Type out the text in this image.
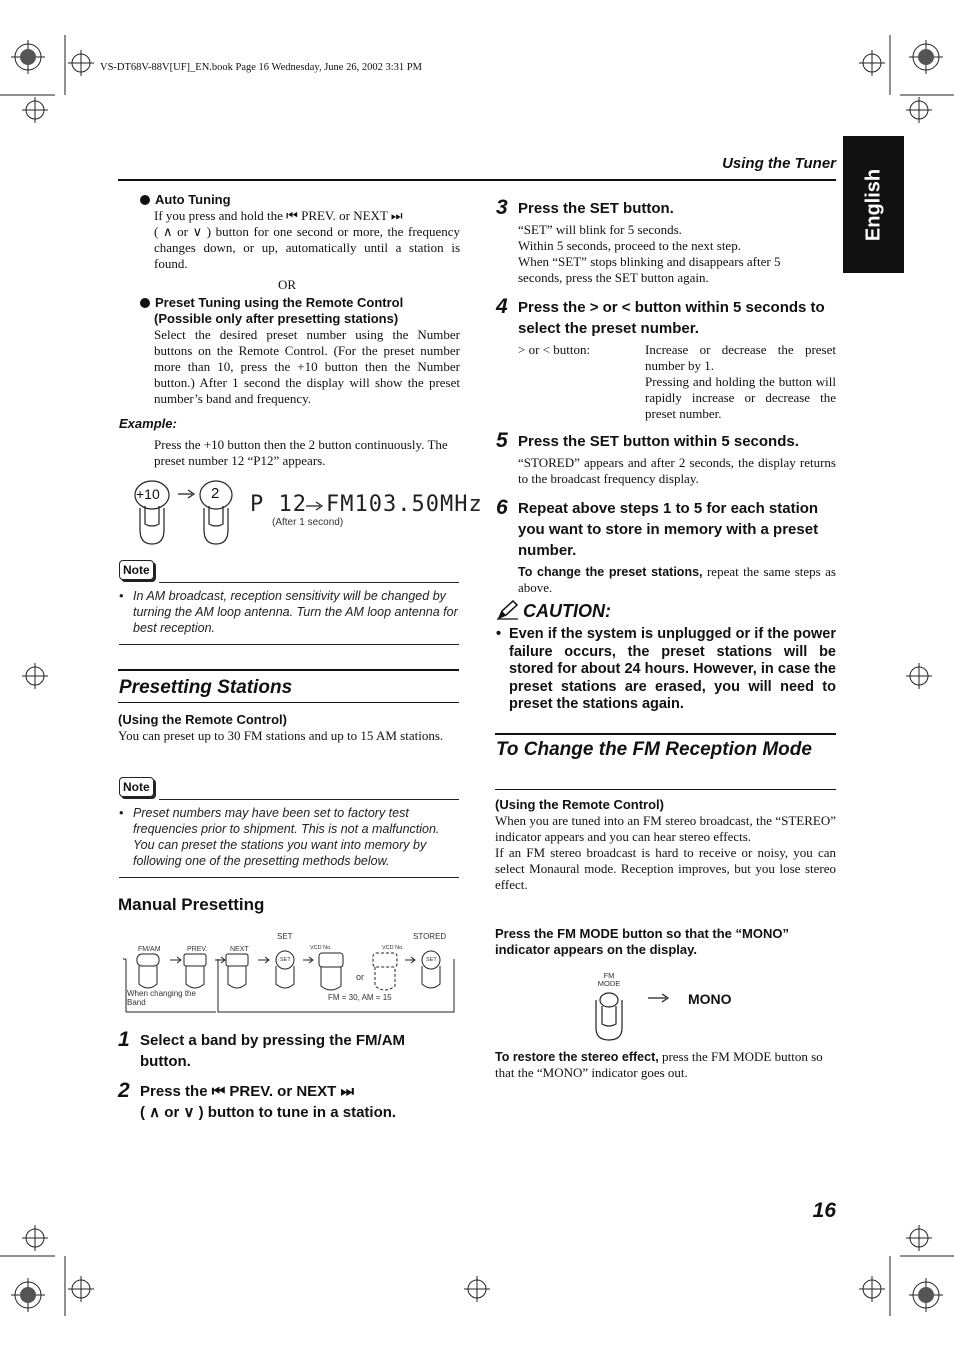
VS-DT68V-88V[UF]_EN.book Page 16 Wednesday, June 26, 2002 3:31 PM
English
Using the Tuner
Auto Tuning
If you press and hold the ⏮ PREV. or NEXT ⏭
( ∧ or ∨ ) button for one second or more, the frequency changes down, or up, automatically until a station is found.
OR
Preset Tuning using the Remote Control
(Possible only after presetting stations)
Select the desired preset number using the Number buttons on the Remote Control. (For the preset number more than 10, press the +10 button then the Number button.) After 1 second the display will show the preset number’s band and frequency.
Example:
Press the +10 button then the 2 button continuously. The preset number 12 “P12” appears.
+10	2 P 12 FM103.50MHz
(After 1 second)
Note
• In AM broadcast, reception sensitivity will be changed by turning the AM loop antenna. Turn the AM loop antenna for best reception.
Presetting Stations
(Using the Remote Control)
You can preset up to 30 FM stations and up to 15 AM stations.
Note
• Preset numbers may have been set to factory test frequencies prior to shipment. This is not a malfunction. You can preset the stations you want into memory by following one of the presetting methods below.
Manual Presetting
FM/AM	PREV.	NEXT
SET
SET
VCD No.	VCD No.
STORED
SET
or
When changing the Band
FM = 30, AM = 15
1 Select a band by pressing the FM/AM button.
2 Press the ⏮ PREV. or NEXT ⏭
( ∧ or ∨ ) button to tune in a station.
3 Press the SET button.
“SET” will blink for 5 seconds.
Within 5 seconds, proceed to the next step.
When “SET” stops blinking and disappears after 5 seconds, press the SET button again.
4 Press the > or < button within 5 seconds to select the preset number.
> or < button:	Increase or decrease the preset number by 1.
Pressing and holding the button will rapidly increase or decrease the preset number.
5 Press the SET button within 5 seconds.
“STORED” appears and after 2 seconds, the display returns to the broadcast frequency display.
6 Repeat above steps 1 to 5 for each station you want to store in memory with a preset number.
To change the preset stations, repeat the same steps as above.
CAUTION:
• Even if the system is unplugged or if the power failure occurs, the preset stations will be stored for about 24 hours. However, in case the preset stations are erased, you will need to preset the stations again.
To Change the FM Reception Mode
(Using the Remote Control)
When you are tuned into an FM stereo broadcast, the “STEREO” indicator appears and you can hear stereo effects.
If an FM stereo broadcast is hard to receive or noisy, you can select Monaural mode. Reception improves, but you lose stereo effect.
Press the FM MODE button so that the “MONO” indicator appears on the display.
FM MODE
MONO
To restore the stereo effect, press the FM MODE button so that the “MONO” indicator goes out.
16
